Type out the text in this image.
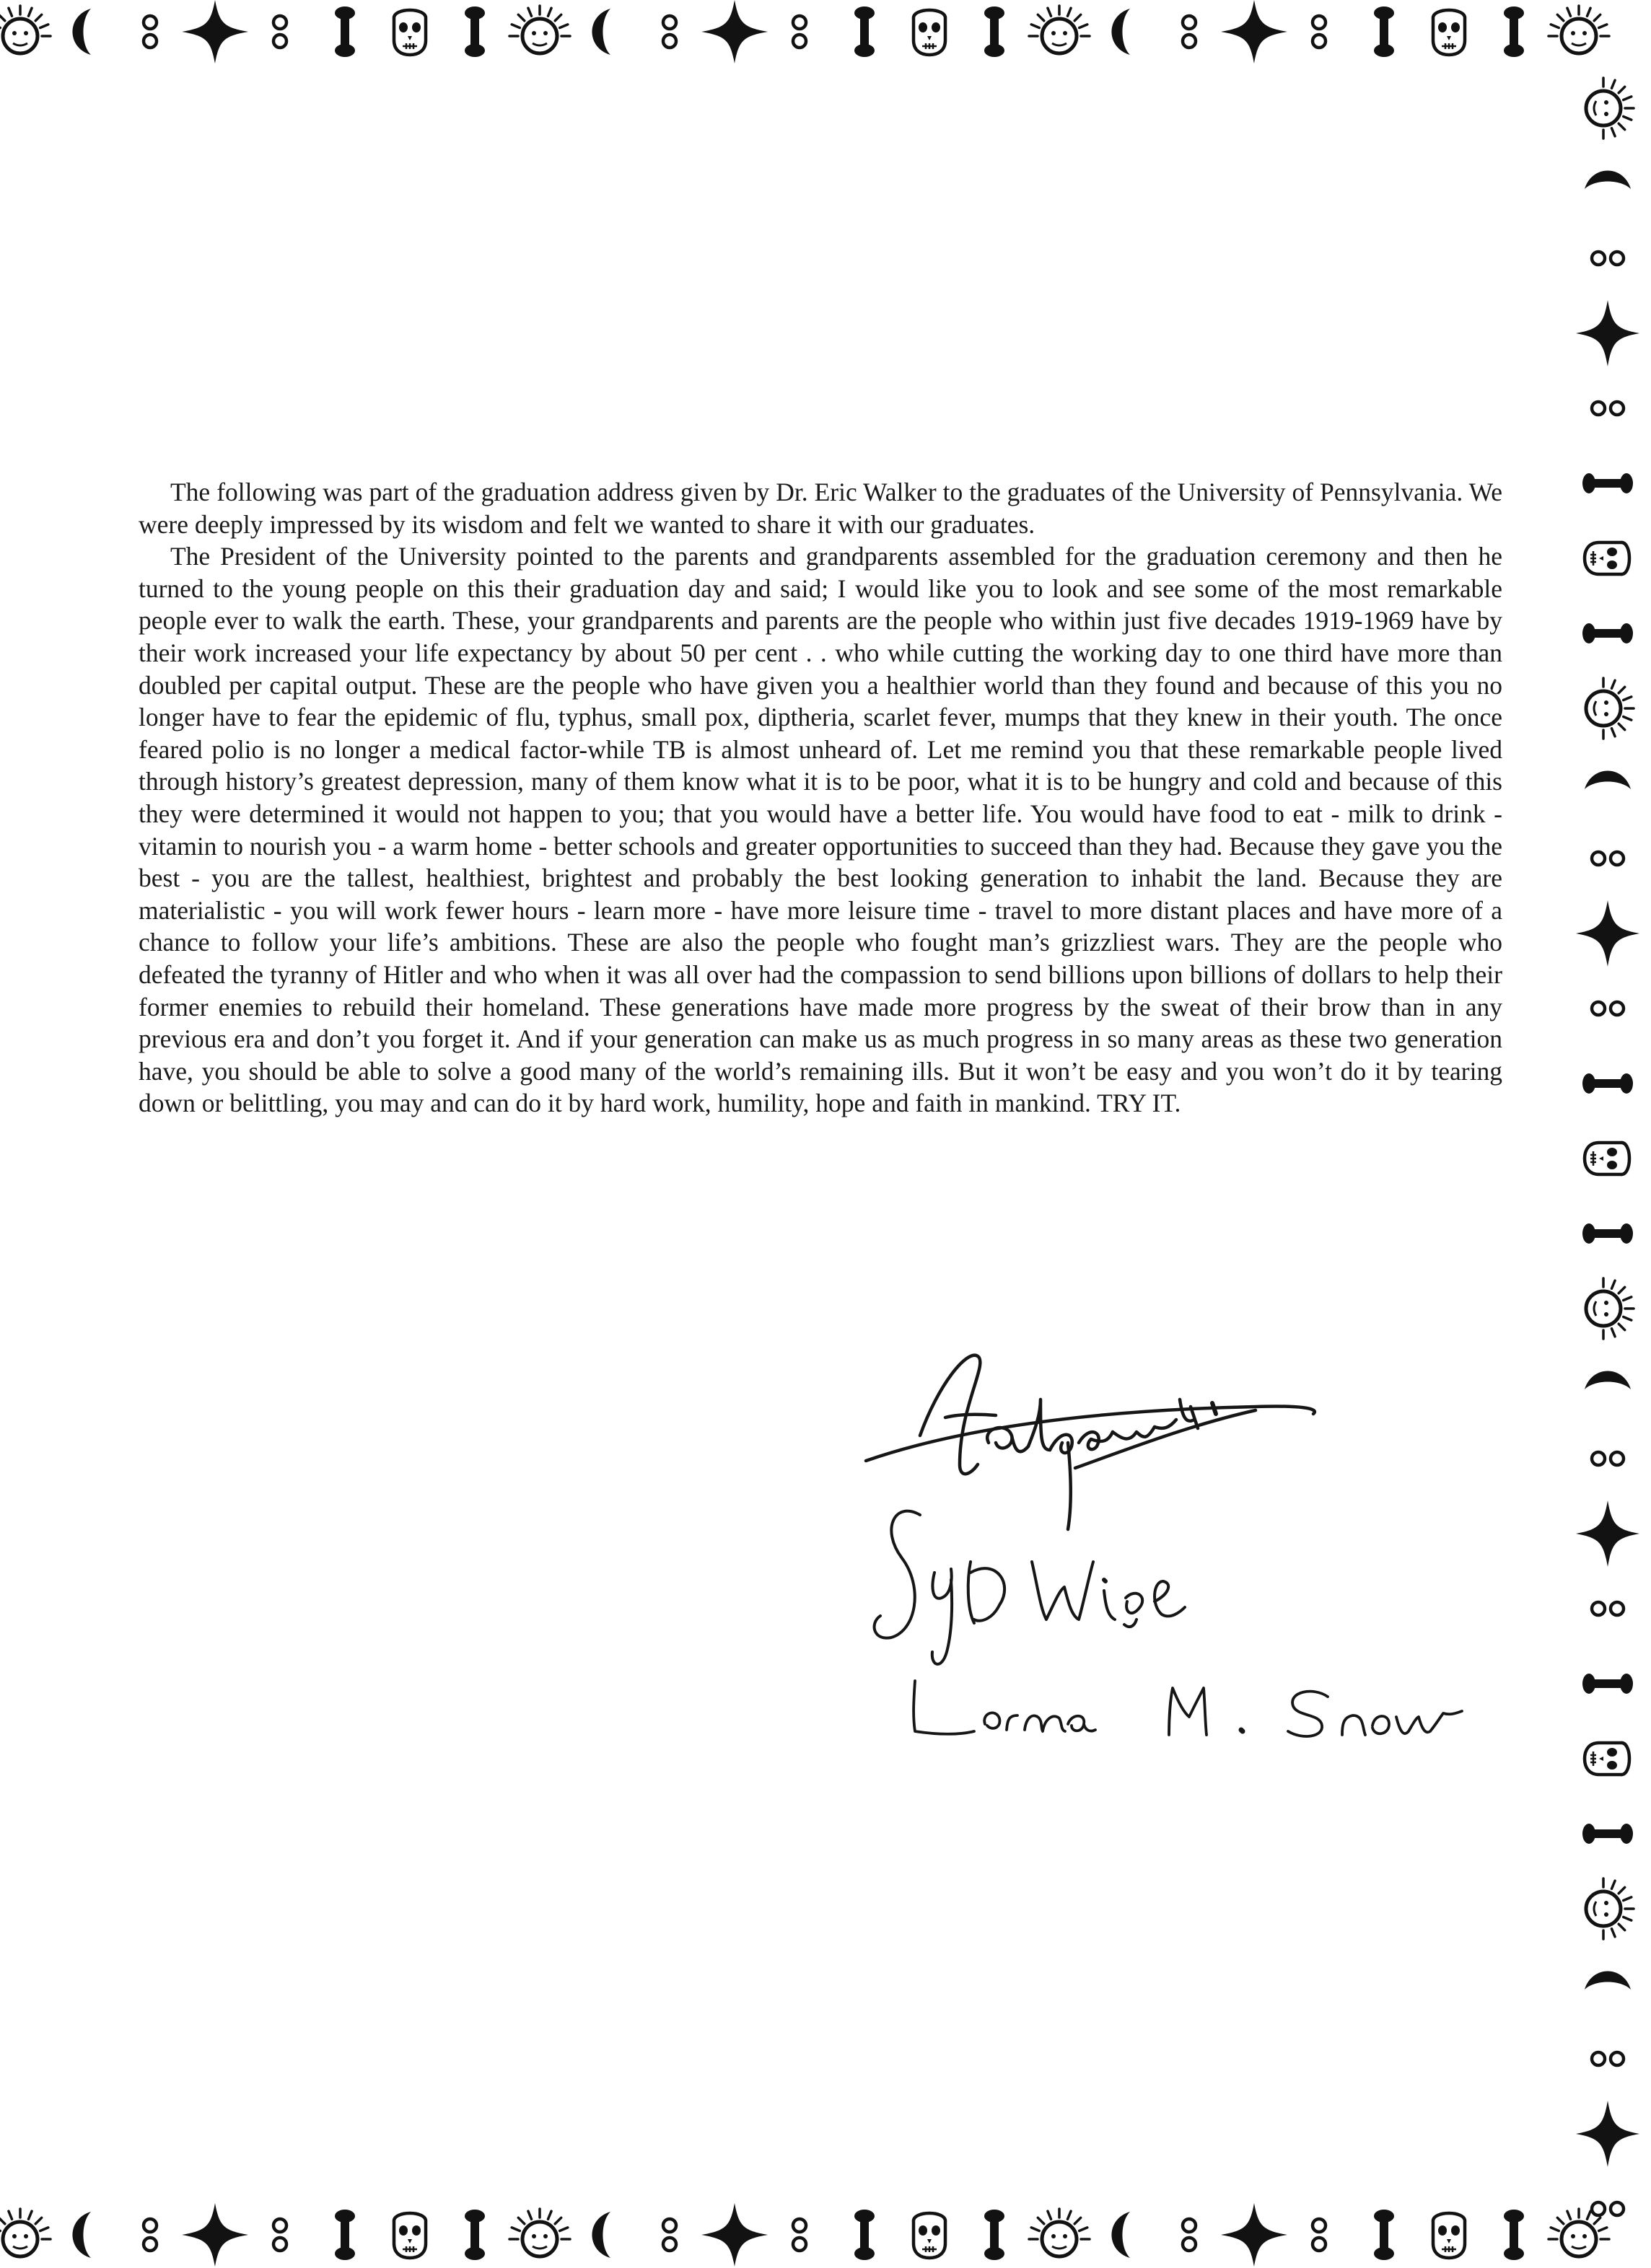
The following was part of the graduation address given by Dr. Eric Walker to the graduates of the University of Pennsylvania. We were deeply impressed by its wisdom and felt we wanted to share it with our graduates.

The President of the University pointed to the parents and grandparents assembled for the graduation ceremony and then he turned to the young people on this their graduation day and said; I would like you to look and see some of the most remarkable people ever to walk the earth. These, your grandparents and parents are the people who within just five decades 1919-1969 have by their work increased your life expectancy by about 50 per cent . . who while cutting the working day to one third have more than doubled per capital output. These are the people who have given you a healthier world than they found and because of this you no longer have to fear the epidemic of flu, typhus, small pox, diptheria, scarlet fever, mumps that they knew in their youth. The once feared polio is no longer a medical factor-while TB is almost unheard of. Let me remind you that these remarkable people lived through history’s greatest depression, many of them know what it is to be poor, what it is to be hungry and cold and because of this they were determined it would not happen to you; that you would have a better life. You would have food to eat - milk to drink - vitamin to nourish you - a warm home - better schools and greater opportunities to succeed than they had. Because they gave you the best - you are the tallest, healthiest, brightest and probably the best looking generation to inhabit the land. Because they are materialistic - you will work fewer hours - learn more - have more leisure time - travel to more distant places and have more of a chance to follow your life’s ambitions. These are also the people who fought man’s grizzliest wars. They are the people who defeated the tyranny of Hitler and who when it was all over had the compassion to send billions upon billions of dollars to help their former enemies to rebuild their homeland. These generations have made more progress by the sweat of their brow than in any previous era and don’t you forget it. And if your generation can make us as much progress in so many areas as these two generation have, you should be able to solve a good many of the world’s remaining ills. But it won’t be easy and you won’t do it by tearing down or belittling, you may and can do it by hard work, humility, hope and faith in mankind. TRY IT.
